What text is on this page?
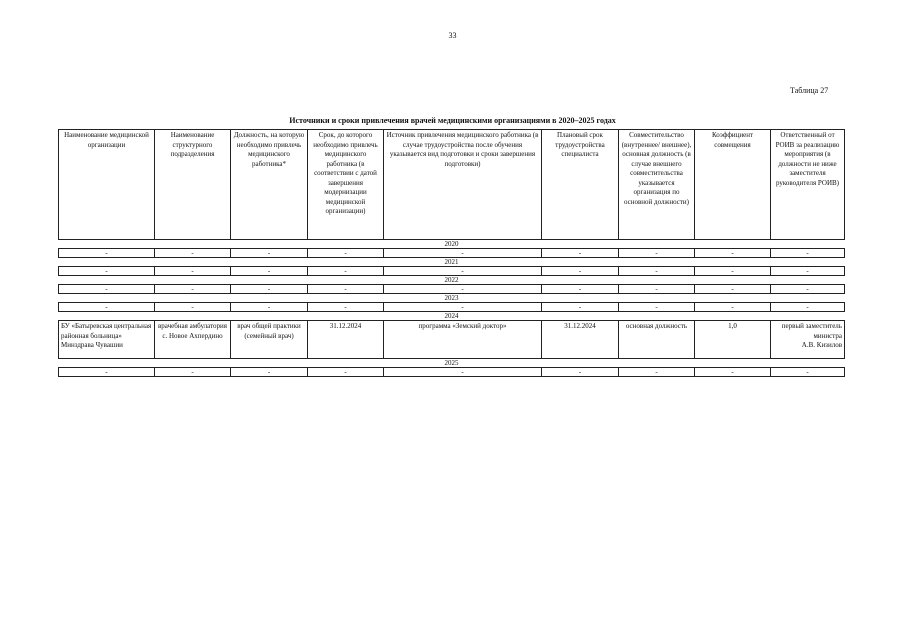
33
Таблица 27
Источники и сроки привлечения врачей медицинскими организациями в 2020–2025 годах
Наименование медицинской организации	Наименование структурного подразделения	Должность, на которую необходимо привлечь медицинского работника*	Срок, до которого необходимо привлечь медицинского работника (в соответствии с датой завершения модернизации медицинской организации)	Источник привлечения медицинского работника (в случае трудоустройства после обучения указывается вид подготовки и сроки завершения подготовки)	Плановый срок трудоустройства специалиста	Совместительство (внутреннее/ внешнее), основная должность (в случае внешнего совместительства указывается организация по основной должности)	Коэффициент совмещения	Ответственный от РОИВ за реализацию мероприятия (в должности не ниже заместителя руководителя РОИВ)
2020								
-	-	-	-	-	-	-	-	-
2021								
-	-	-	-	-	-	-	-	-
2022								
-	-	-	-	-	-	-	-	-
2023								
-	-	-	-	-	-	-	-	-
2024								
БУ «Батыревская центральная районная больница» Минздрава Чувашии	врачебная амбулатория с. Новое Ахпердино	врач общей практики (семейный врач)	31.12.2024	программа «Земский доктор»	31.12.2024	основная должность	1,0	первый заместитель министра
А.В. Кизилов

2025								
-	-	-	-	-	-	-	-	-
